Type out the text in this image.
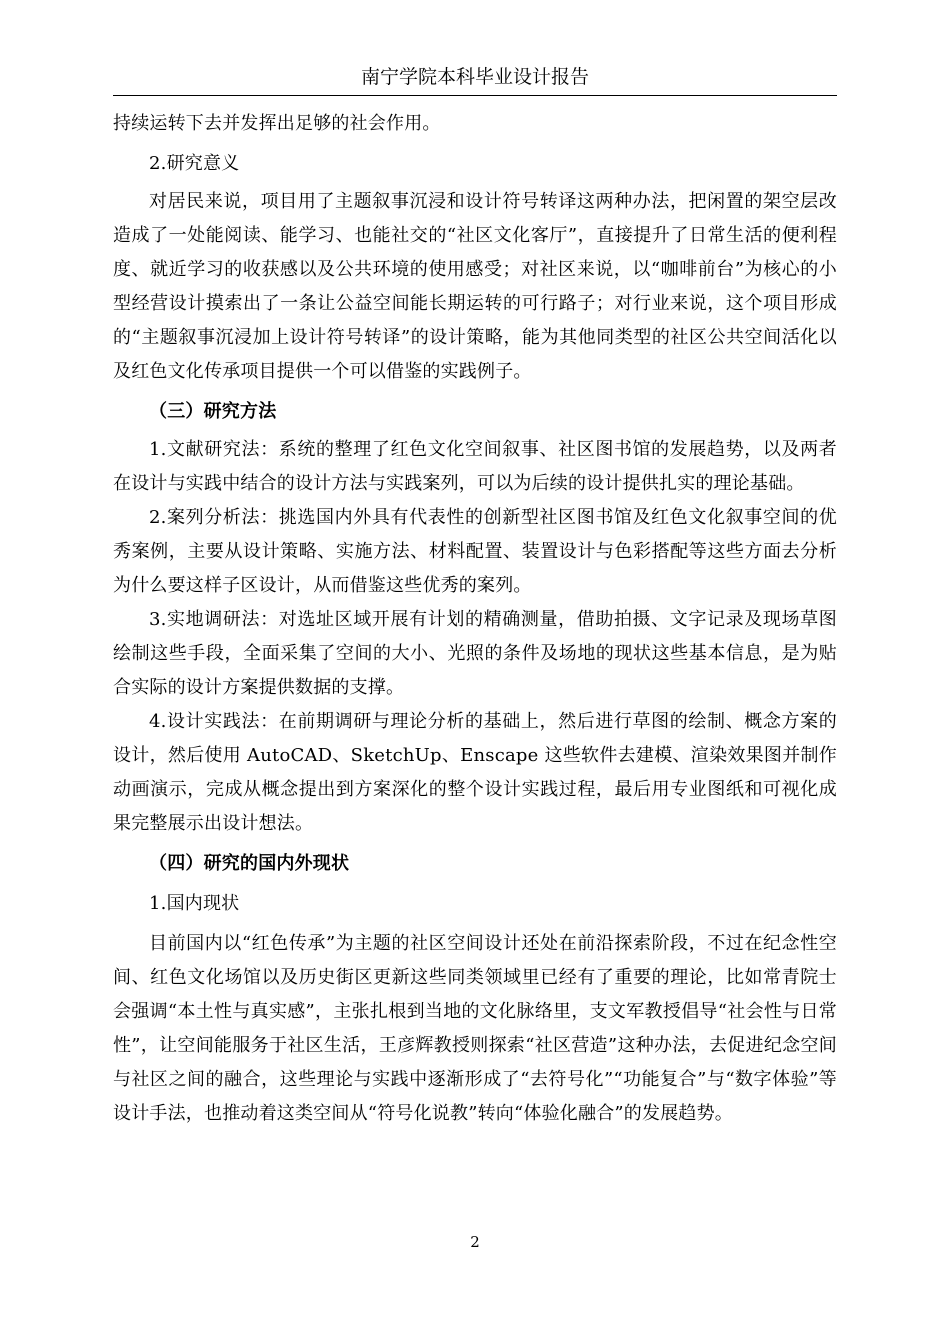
南宁学院本科毕业设计报告

持续运转下去并发挥出足够的社会作用。

2.研究意义

对居民来说，项目用了主题叙事沉浸和设计符号转译这两种办法，把闲置的架空层改造成了一处能阅读、能学习、也能社交的“社区文化客厅”，直接提升了日常生活的便利程度、就近学习的收获感以及公共环境的使用感受；对社区来说，以“咖啡前台”为核心的小型经营设计摸索出了一条让公益空间能长期运转的可行路子；对行业来说，这个项目形成的“主题叙事沉浸加上设计符号转译”的设计策略，能为其他同类型的社区公共空间活化以及红色文化传承项目提供一个可以借鉴的实践例子。

（三）研究方法

1.文献研究法：系统的整理了红色文化空间叙事、社区图书馆的发展趋势，以及两者在设计与实践中结合的设计方法与实践案列，可以为后续的设计提供扎实的理论基础。

2.案列分析法：挑选国内外具有代表性的创新型社区图书馆及红色文化叙事空间的优秀案例，主要从设计策略、实施方法、材料配置、装置设计与色彩搭配等这些方面去分析为什么要这样子区设计，从而借鉴这些优秀的案列。

3.实地调研法：对选址区域开展有计划的精确测量，借助拍摄、文字记录及现场草图绘制这些手段，全面采集了空间的大小、光照的条件及场地的现状这些基本信息，是为贴合实际的设计方案提供数据的支撑。

4.设计实践法：在前期调研与理论分析的基础上，然后进行草图的绘制、概念方案的设计，然后使用 AutoCAD、SketchUp、Enscape 这些软件去建模、渲染效果图并制作动画演示，完成从概念提出到方案深化的整个设计实践过程，最后用专业图纸和可视化成果完整展示出设计想法。

（四）研究的国内外现状

1.国内现状

目前国内以“红色传承”为主题的社区空间设计还处在前沿探索阶段，不过在纪念性空间、红色文化场馆以及历史街区更新这些同类领域里已经有了重要的理论，比如常青院士会强调“本土性与真实感”，主张扎根到当地的文化脉络里，支文军教授倡导“社会性与日常性”，让空间能服务于社区生活，王彦辉教授则探索“社区营造”这种办法，去促进纪念空间与社区之间的融合，这些理论与实践中逐渐形成了“去符号化”“功能复合”与“数字体验”等设计手法，也推动着这类空间从“符号化说教”转向“体验化融合”的发展趋势。

2
